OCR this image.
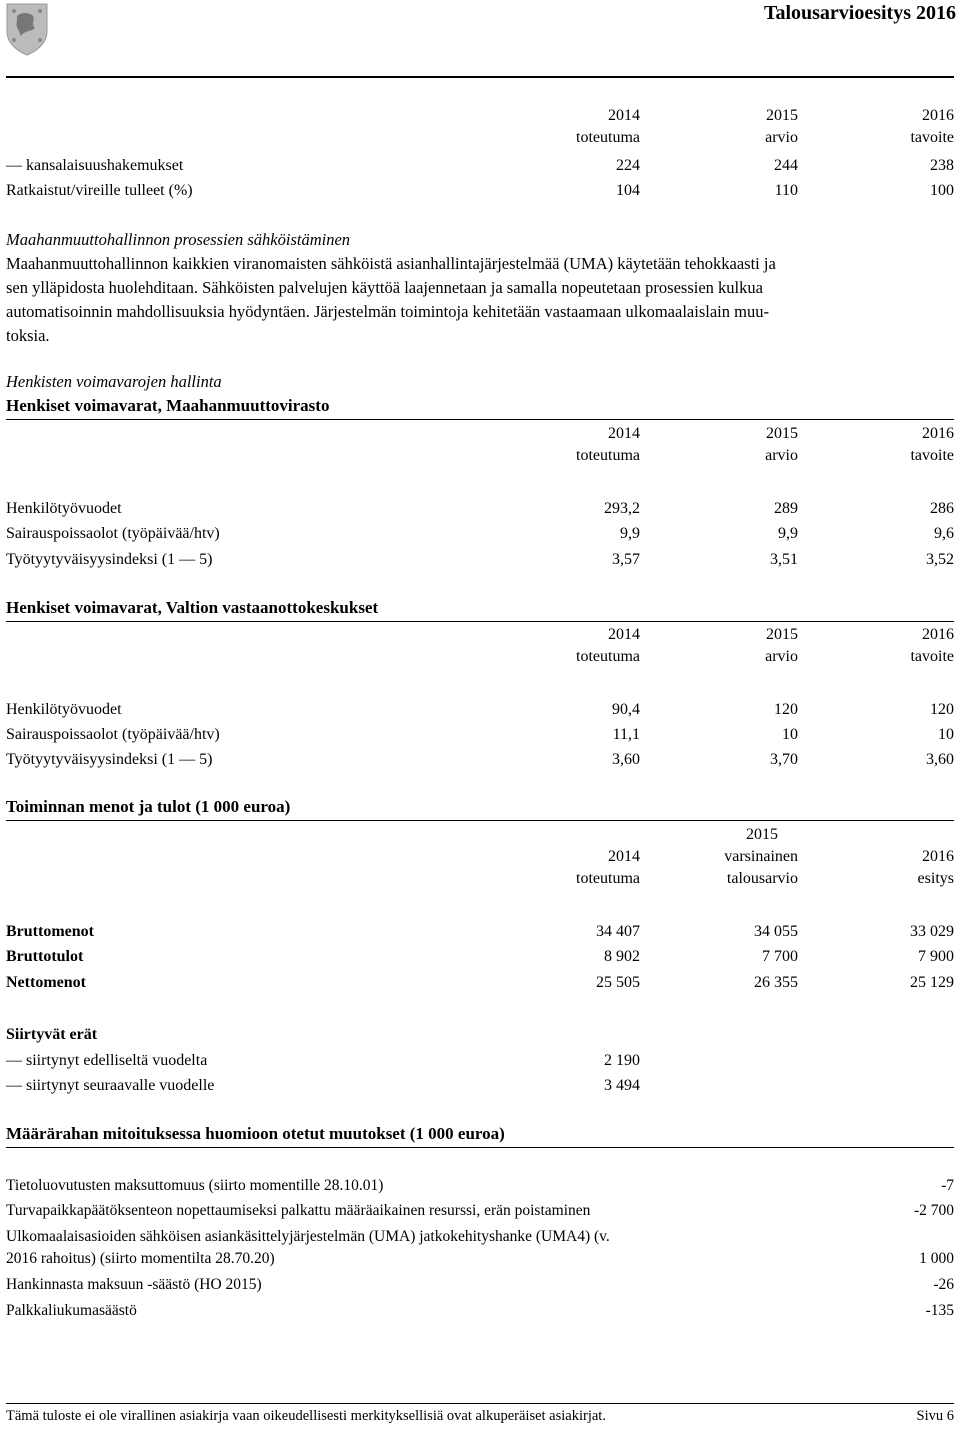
Talousarvioesitys 2016
2014	2015	2016
toteutuma	arvio	tavoite
— kansalaisuushakemukset	224	244	238
Ratkaistut/vireille tulleet (%)	104	110	100
Maahanmuuttohallinnon prosessien sähköistäminen
Maahanmuuttohallinnon kaikkien viranomaisten sähköistä asianhallintajärjestelmää (UMA) käytetään tehokkaasti ja
sen ylläpidosta huolehditaan. Sähköisten palvelujen käyttöä laajennetaan ja samalla nopeutetaan prosessien kulkua
automatisoinnin mahdollisuuksia hyödyntäen. Järjestelmän toimintoja kehitetään vastaamaan ulkomaalaislain muu-
toksia.
Henkisten voimavarojen hallinta
Henkiset voimavarat, Maahanmuuttovirasto
2014	2015	2016
toteutuma	arvio	tavoite
Henkilötyövuodet	293,2	289	286
Sairauspoissaolot (työpäivää/htv)	9,9	9,9	9,6
Työtyytyväisyysindeksi (1 — 5)	3,57	3,51	3,52
Henkiset voimavarat, Valtion vastaanottokeskukset
2014	2015	2016
toteutuma	arvio	tavoite
Henkilötyövuodet	90,4	120	120
Sairauspoissaolot (työpäivää/htv)	11,1	10	10
Työtyytyväisyysindeksi (1 — 5)	3,60	3,70	3,60
Toiminnan menot ja tulot (1 000 euroa)
2015
2014	varsinainen	2016
toteutuma	talousarvio	esitys
Bruttomenot	34 407	34 055	33 029
Bruttotulot	8 902	7 700	7 900
Nettomenot	25 505	26 355	25 129
Siirtyvät erät
— siirtynyt edelliseltä vuodelta	2 190
— siirtynyt seuraavalle vuodelle	3 494
Määrärahan mitoituksessa huomioon otetut muutokset (1 000 euroa)
Tietoluovutusten maksuttomuus (siirto momentille 28.10.01)	-7
Turvapaikkapäätöksenteon nopettaumiseksi palkattu määräaikainen resurssi, erän poistaminen	-2 700
Ulkomaalaisasioiden sähköisen asiankäsittelyjärjestelmän (UMA) jatkokehityshanke (UMA4) (v.
2016 rahoitus) (siirto momentilta 28.70.20)	1 000
Hankinnasta maksuun -säästö (HO 2015)	-26
Palkkaliukumasäästö	-135
Tämä tuloste ei ole virallinen asiakirja vaan oikeudellisesti merkityksellisiä ovat alkuperäiset asiakirjat.	Sivu 6
